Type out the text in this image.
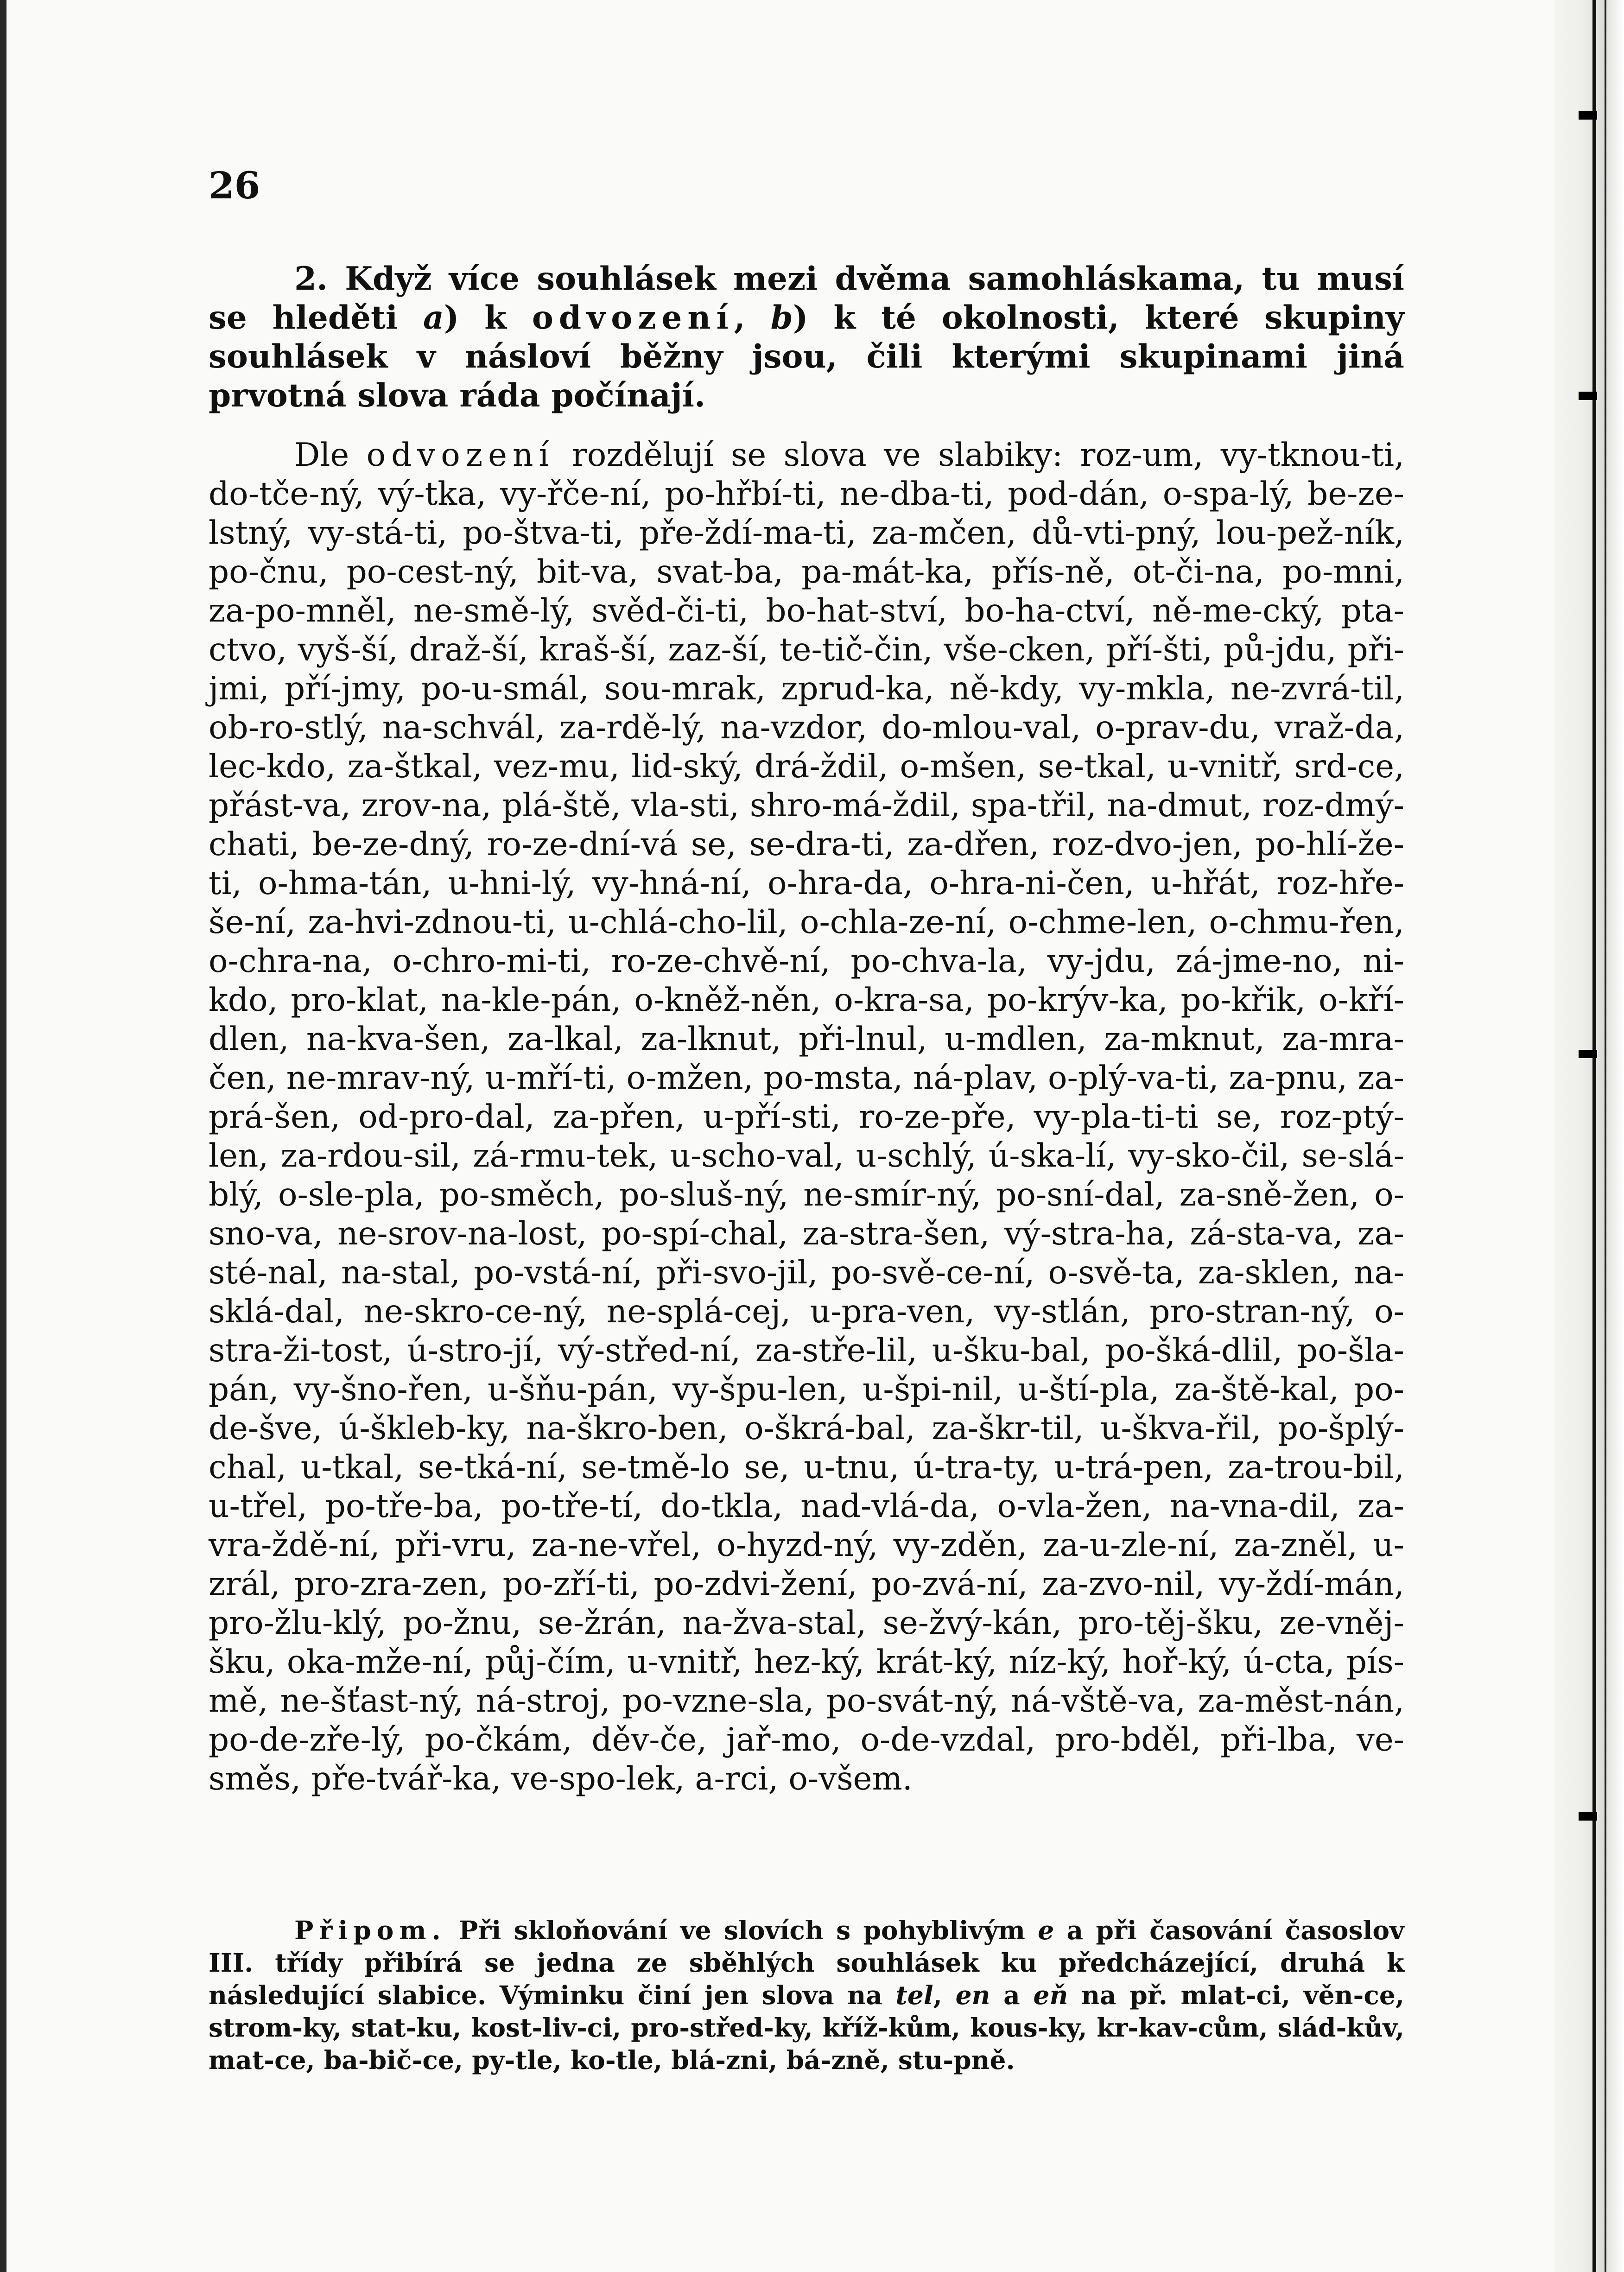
26

2. Když více souhlásek mezi dvěma samohláskama, tu musí se hleděti a) k odvození, b) k té okolnosti, které skupiny souhlásek v násloví běžny jsou, čili kterými skupinami jiná prvotná slova ráda počínají.

Dle odvození rozdělují se slova ve slabiky: roz-um, vy-tknou-ti, do-tče-ný, vý-tka, vy-řče-ní, po-hřbí-ti, ne-dba-ti, pod-dán, o-spa-lý, be-ze-lstný, vy-stá-ti, po-štva-ti, pře-ždí-ma-ti, za-mčen, dů-vti-pný, lou-pež-ník, po-čnu, po-cest-ný, bit-va, svat-ba, pa-mát-ka, přís-ně, ot-či-na, po-mni, za-po-mněl, ne-smě-lý, svěd-či-ti, bo-hat-ství, bo-ha-ctví, ně-me-cký, pta-ctvo, vyš-ší, draž-ší, kraš-ší, zaz-ší, te-tič-čin, vše-cken, pří-šti, pů-jdu, při-jmi, pří-jmy, po-u-smál, sou-mrak, zprud-ka, ně-kdy, vy-mkla, ne-zvrá-til, ob-ro-stlý, na-schvál, za-rdě-lý, na-vzdor, do-mlou-val, o-prav-du, vraž-da, lec-kdo, za-štkal, vez-mu, lid-ský, drá-ždil, o-mšen, se-tkal, u-vnitř, srd-ce, přást-va, zrov-na, plá-ště, vla-sti, shro-má-ždil, spa-třil, na-dmut, roz-dmý-chati, be-ze-dný, ro-ze-dní-vá se, se-dra-ti, za-dřen, roz-dvo-jen, po-hlí-že-ti, o-hma-tán, u-hni-lý, vy-hná-ní, o-hra-da, o-hra-ni-čen, u-hřát, roz-hře-še-ní, za-hvi-zdnou-ti, u-chlá-cho-lil, o-chla-ze-ní, o-chme-len, o-chmu-řen, o-chra-na, o-chro-mi-ti, ro-ze-chvě-ní, po-chva-la, vy-jdu, zá-jme-no, ni-kdo, pro-klat, na-kle-pán, o-kněž-něn, o-kra-sa, po-krýv-ka, po-křik, o-kří-dlen, na-kva-šen, za-lkal, za-lknut, při-lnul, u-mdlen, za-mknut, za-mra-čen, ne-mrav-ný, u-mří-ti, o-mžen, po-msta, ná-plav, o-plý-va-ti, za-pnu, za-prá-šen, od-pro-dal, za-přen, u-pří-sti, ro-ze-pře, vy-pla-ti-ti se, roz-ptý-len, za-rdou-sil, zá-rmu-tek, u-scho-val, u-schlý, ú-ska-lí, vy-sko-čil, se-slá-blý, o-sle-pla, po-směch, po-sluš-ný, ne-smír-ný, po-sní-dal, za-sně-žen, o-sno-va, ne-srov-na-lost, po-spí-chal, za-stra-šen, vý-stra-ha, zá-sta-va, za-sté-nal, na-stal, po-vstá-ní, při-svo-jil, po-svě-ce-ní, o-svě-ta, za-sklen, na-sklá-dal, ne-skro-ce-ný, ne-splá-cej, u-pra-ven, vy-stlán, pro-stran-ný, o-stra-ži-tost, ú-stro-jí, vý-střed-ní, za-stře-lil, u-šku-bal, po-šká-dlil, po-šla-pán, vy-šno-řen, u-šňu-pán, vy-špu-len, u-špi-nil, u-ští-pla, za-ště-kal, po-de-šve, ú-šklеb-ky, na-škro-ben, o-škrá-bal, za-škr-til, u-škva-řil, po-šplý-chal, u-tkal, se-tká-ní, se-tmě-lo se, u-tnu, ú-tra-ty, u-trá-pen, za-trou-bil, u-třel, po-tře-ba, po-tře-tí, do-tkla, nad-vlá-da, o-vla-žen, na-vna-dil, za-vra-ždě-ní, při-vru, za-ne-vřel, o-hyzd-ný, vy-zděn, za-u-zle-ní, za-zněl, u-zrál, pro-zra-zen, po-zří-ti, po-zdvi-žení, po-zvá-ní, za-zvo-nil, vy-ždí-mán, pro-žlu-klý, po-žnu, se-žrán, na-žva-stal, se-žvý-kán, pro-těj-šku, ze-vněj-šku, oka-mže-ní, půj-čím, u-vnitř, hez-ký, krát-ký, níz-ký, hoř-ký, ú-cta, pís-mě, ne-šťast-ný, ná-stroj, po-vzne-sla, po-svát-ný, ná-vště-va, za-měst-nán, po-de-zře-lý, po-čkám, děv-če, jař-mo, o-de-vzdal, pro-bděl, při-lba, ve-směs, pře-tvář-ka, ve-spo-lek, a-rci, o-všem.

Připom. Při skloňování ve slovích s pohyblivým e a při časování časoslov III. třídy přibírá se jedna ze sběhlých souhlásek ku předcházející, druhá k následující slabice. Výminku činí jen slova na tel, en a eň na př. mlat-ci, věn-ce, strom-ky, stat-ku, kost-liv-ci, pro-střed-ky, kříž-kům, kous-ky, kr-kav-cům, slád-kův, mat-ce, ba-bič-ce, py-tle, ko-tle, blá-zni, bá-zně, stu-pně.
